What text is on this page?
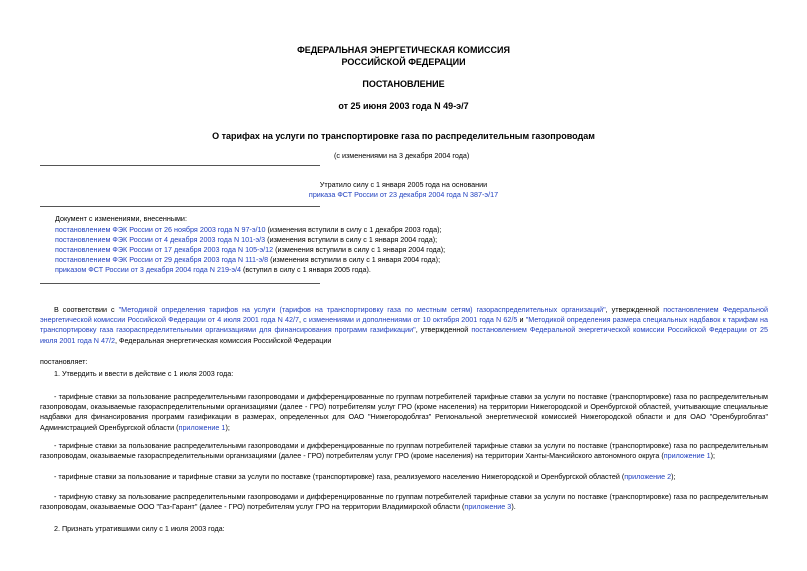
ФЕДЕРАЛЬНАЯ ЭНЕРГЕТИЧЕСКАЯ КОМИССИЯ
РОССИЙСКОЙ ФЕДЕРАЦИИ
ПОСТАНОВЛЕНИЕ
от 25 июня 2003 года N 49-э/7
О тарифах на услуги по транспортировке газа по распределительным газопроводам
(с изменениями на 3 декабря 2004 года)
Утратило силу с 1 января 2005 года на основании
приказа ФСТ России от 23 декабря 2004 года N 387-э/17
Документ с изменениями, внесенными:
постановлением ФЭК России от 26 ноября 2003 года N 97-э/10 (изменения вступили в силу с 1 декабря 2003 года);
постановлением ФЭК России от 4 декабря 2003 года N 101-э/3 (изменения вступили в силу с 1 января 2004 года);
постановлением ФЭК России от 17 декабря 2003 года N 105-э/12 (изменения вступили в силу с 1 января 2004 года);
постановлением ФЭК России от 29 декабря 2003 года N 111-э/8 (изменения вступили в силу с 1 января 2004 года);
приказом ФСТ России от 3 декабря 2004 года N 219-э/4 (вступил в силу с 1 января 2005 года).
В соответствии с "Методикой определения тарифов на услуги (тарифов на транспортировку газа по местным сетям) газораспределительных организаций", утвержденной постановлением Федеральной энергетической комиссии Российской Федерации от 4 июля 2001 года N 42/7, с изменениями и дополнениями от 10 октября 2001 года N 62/5 и "Методикой определения размера специальных надбавок к тарифам на транспортировку газа газораспределительными организациями для финансирования программ газификации", утвержденной постановлением Федеральной энергетической комиссии Российской Федерации от 25 июля 2001 года N 47/2, Федеральная энергетическая комиссия Российской Федерации
постановляет:
1. Утвердить и ввести в действие с 1 июля 2003 года:
- тарифные ставки за пользование распределительными газопроводами и дифференцированные по группам потребителей тарифные ставки за услуги по поставке (транспортировке) газа по распределительным газопроводам, оказываемые газораспределительными организациями (далее - ГРО) потребителям услуг ГРО (кроме населения) на территории Нижегородской и Оренбургской областей, учитывающие специальные надбавки для финансирования программ газификации в размерах, определенных для ОАО "Нижегородоблгаз" Региональной энергетической комиссией Нижегородской области и для ОАО "Оренбургоблгаз" Администрацией Оренбургской области (приложение 1);
- тарифные ставки за пользование распределительными газопроводами и дифференцированные по группам потребителей тарифные ставки за услуги по поставке (транспортировке) газа по распределительным газопроводам, оказываемые газораспределительными организациями (далее - ГРО) потребителям услуг ГРО (кроме населения) на территории Ханты-Мансийского автономного округа (приложение 1);
- тарифные ставки за пользование и тарифные ставки за услуги по поставке (транспортировке) газа, реализуемого населению Нижегородской и Оренбургской областей (приложение 2);
- тарифную ставку за пользование распределительными газопроводами и дифференцированные по группам потребителей тарифные ставки за услуги по поставке (транспортировке) газа по распределительным газопроводам, оказываемые ООО "Газ-Гарант" (далее - ГРО) потребителям услуг ГРО на территории Владимирской области (приложение 3).
2. Признать утратившими силу с 1 июля 2003 года:
